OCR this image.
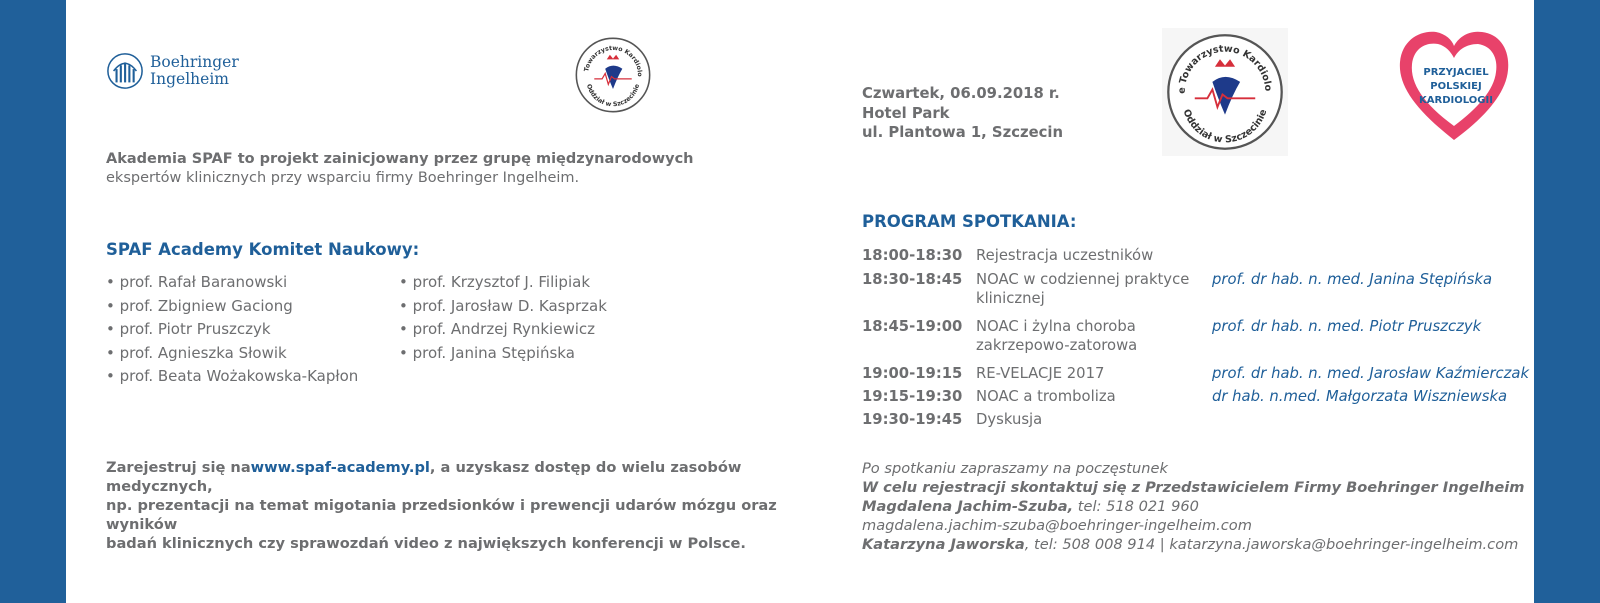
Boehringer
Ingelheim
Towarzystwo Kardiolo
Oddział w Szczecinie
e Towarzystwo Kardiolo
Oddział w Szczecinie
PRZYJACIEL
POLSKIEJ
KARDIOLOGII
Akademia SPAF to projekt zainicjowany przez grupę międzynarodowych
ekspertów klinicznych przy wsparciu firmy Boehringer Ingelheim.
SPAF Academy Komitet Naukowy:
• prof. Rafał Baranowski
• prof. Zbigniew Gaciong
• prof. Piotr Pruszczyk
• prof. Agnieszka Słowik
• prof. Beata Wożakowska-Kapłon
• prof. Krzysztof J. Filipiak
• prof. Jarosław D. Kasprzak
• prof. Andrzej Rynkiewicz
• prof. Janina Stępińska
Zarejestruj się nawww.spaf-academy.pl, a uzyskasz dostęp do wielu zasobów medycznych,
np. prezentacji na temat migotania przedsionków i prewencji udarów mózgu oraz wyników
badań klinicznych czy sprawozdań video z największych konferencji w Polsce.
Czwartek, 06.09.2018 r.
Hotel Park
ul. Plantowa 1, Szczecin
PROGRAM SPOTKANIA:
18:00-18:30 Rejestracja uczestników
18:30-18:45 NOAC w codziennej praktyce klinicznej
prof. dr hab. n. med. Janina Stępińska
18:45-19:00 NOAC i żylna choroba zakrzepowo-zatorowa
prof. dr hab. n. med. Piotr Pruszczyk
19:00-19:15 RE-VELACJE 2017	prof. dr hab. n. med. Jarosław Kaźmierczak
19:15-19:30 NOAC a tromboliza	dr hab. n.med. Małgorzata Wiszniewska
19:30-19:45 Dyskusja
Po spotkaniu zapraszamy na poczęstunek
W celu rejestracji skontaktuj się z Przedstawicielem Firmy Boehringer Ingelheim
Magdalena Jachim-Szuba, tel: 518 021 960
magdalena.jachim-szuba@boehringer-ingelheim.com
Katarzyna Jaworska, tel: 508 008 914 | katarzyna.jaworska@boehringer-ingelheim.com
